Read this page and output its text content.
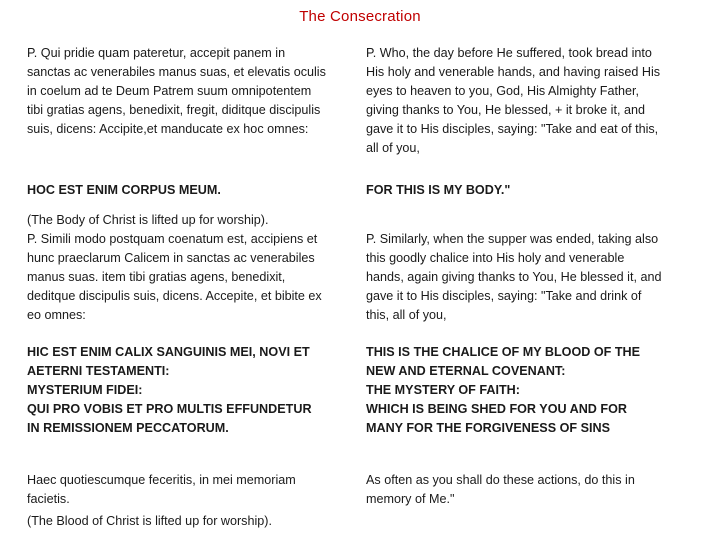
The Consecration
P. Qui pridie quam pateretur, accepit panem in
sanctas ac venerabiles manus suas, et elevatis oculis
in coelum ad te Deum Patrem suum omnipotentem
tibi gratias agens, benedixit, fregit, diditque discipulis
suis, dicens: Accipite,et manducate ex hoc omnes:
P. Who, the day before He suffered, took bread into
His holy and venerable hands, and having raised His
eyes to heaven to you, God, His Almighty Father,
giving thanks to You, He blessed, + it broke it, and
gave it to His disciples, saying: "Take and eat of this,
all of you,
HOC EST ENIM CORPUS MEUM.	FOR THIS IS MY BODY."
(The Body of Christ is lifted up for worship).
P. Simili modo postquam coenatum est, accipiens et
hunc praeclarum Calicem in sanctas ac venerabiles
manus suas. item tibi gratias agens, benedixit,
deditque discipulis suis, dicens. Accepite, et bibite ex
eo omnes:
P. Similarly, when the supper was ended, taking also
this goodly chalice into His holy and venerable
hands, again giving thanks to You, He blessed it, and
gave it to His disciples, saying: "Take and drink of
this, all of you,
HIC EST ENIM CALIX SANGUINIS MEI, NOVI ET
AETERNI TESTAMENTI:
MYSTERIUM FIDEI:
QUI PRO VOBIS ET PRO MULTIS EFFUNDETUR
IN REMISSIONEM PECCATORUM.
THIS IS THE CHALICE OF MY BLOOD OF THE
NEW AND ETERNAL COVENANT:
THE MYSTERY OF FAITH:
WHICH IS BEING SHED FOR YOU AND FOR
MANY FOR THE FORGIVENESS OF SINS
Haec quotiescumque feceritis, in mei memoriam
facietis.
As often as you shall do these actions, do this in
memory of Me."
(The Blood of Christ is lifted up for worship).
